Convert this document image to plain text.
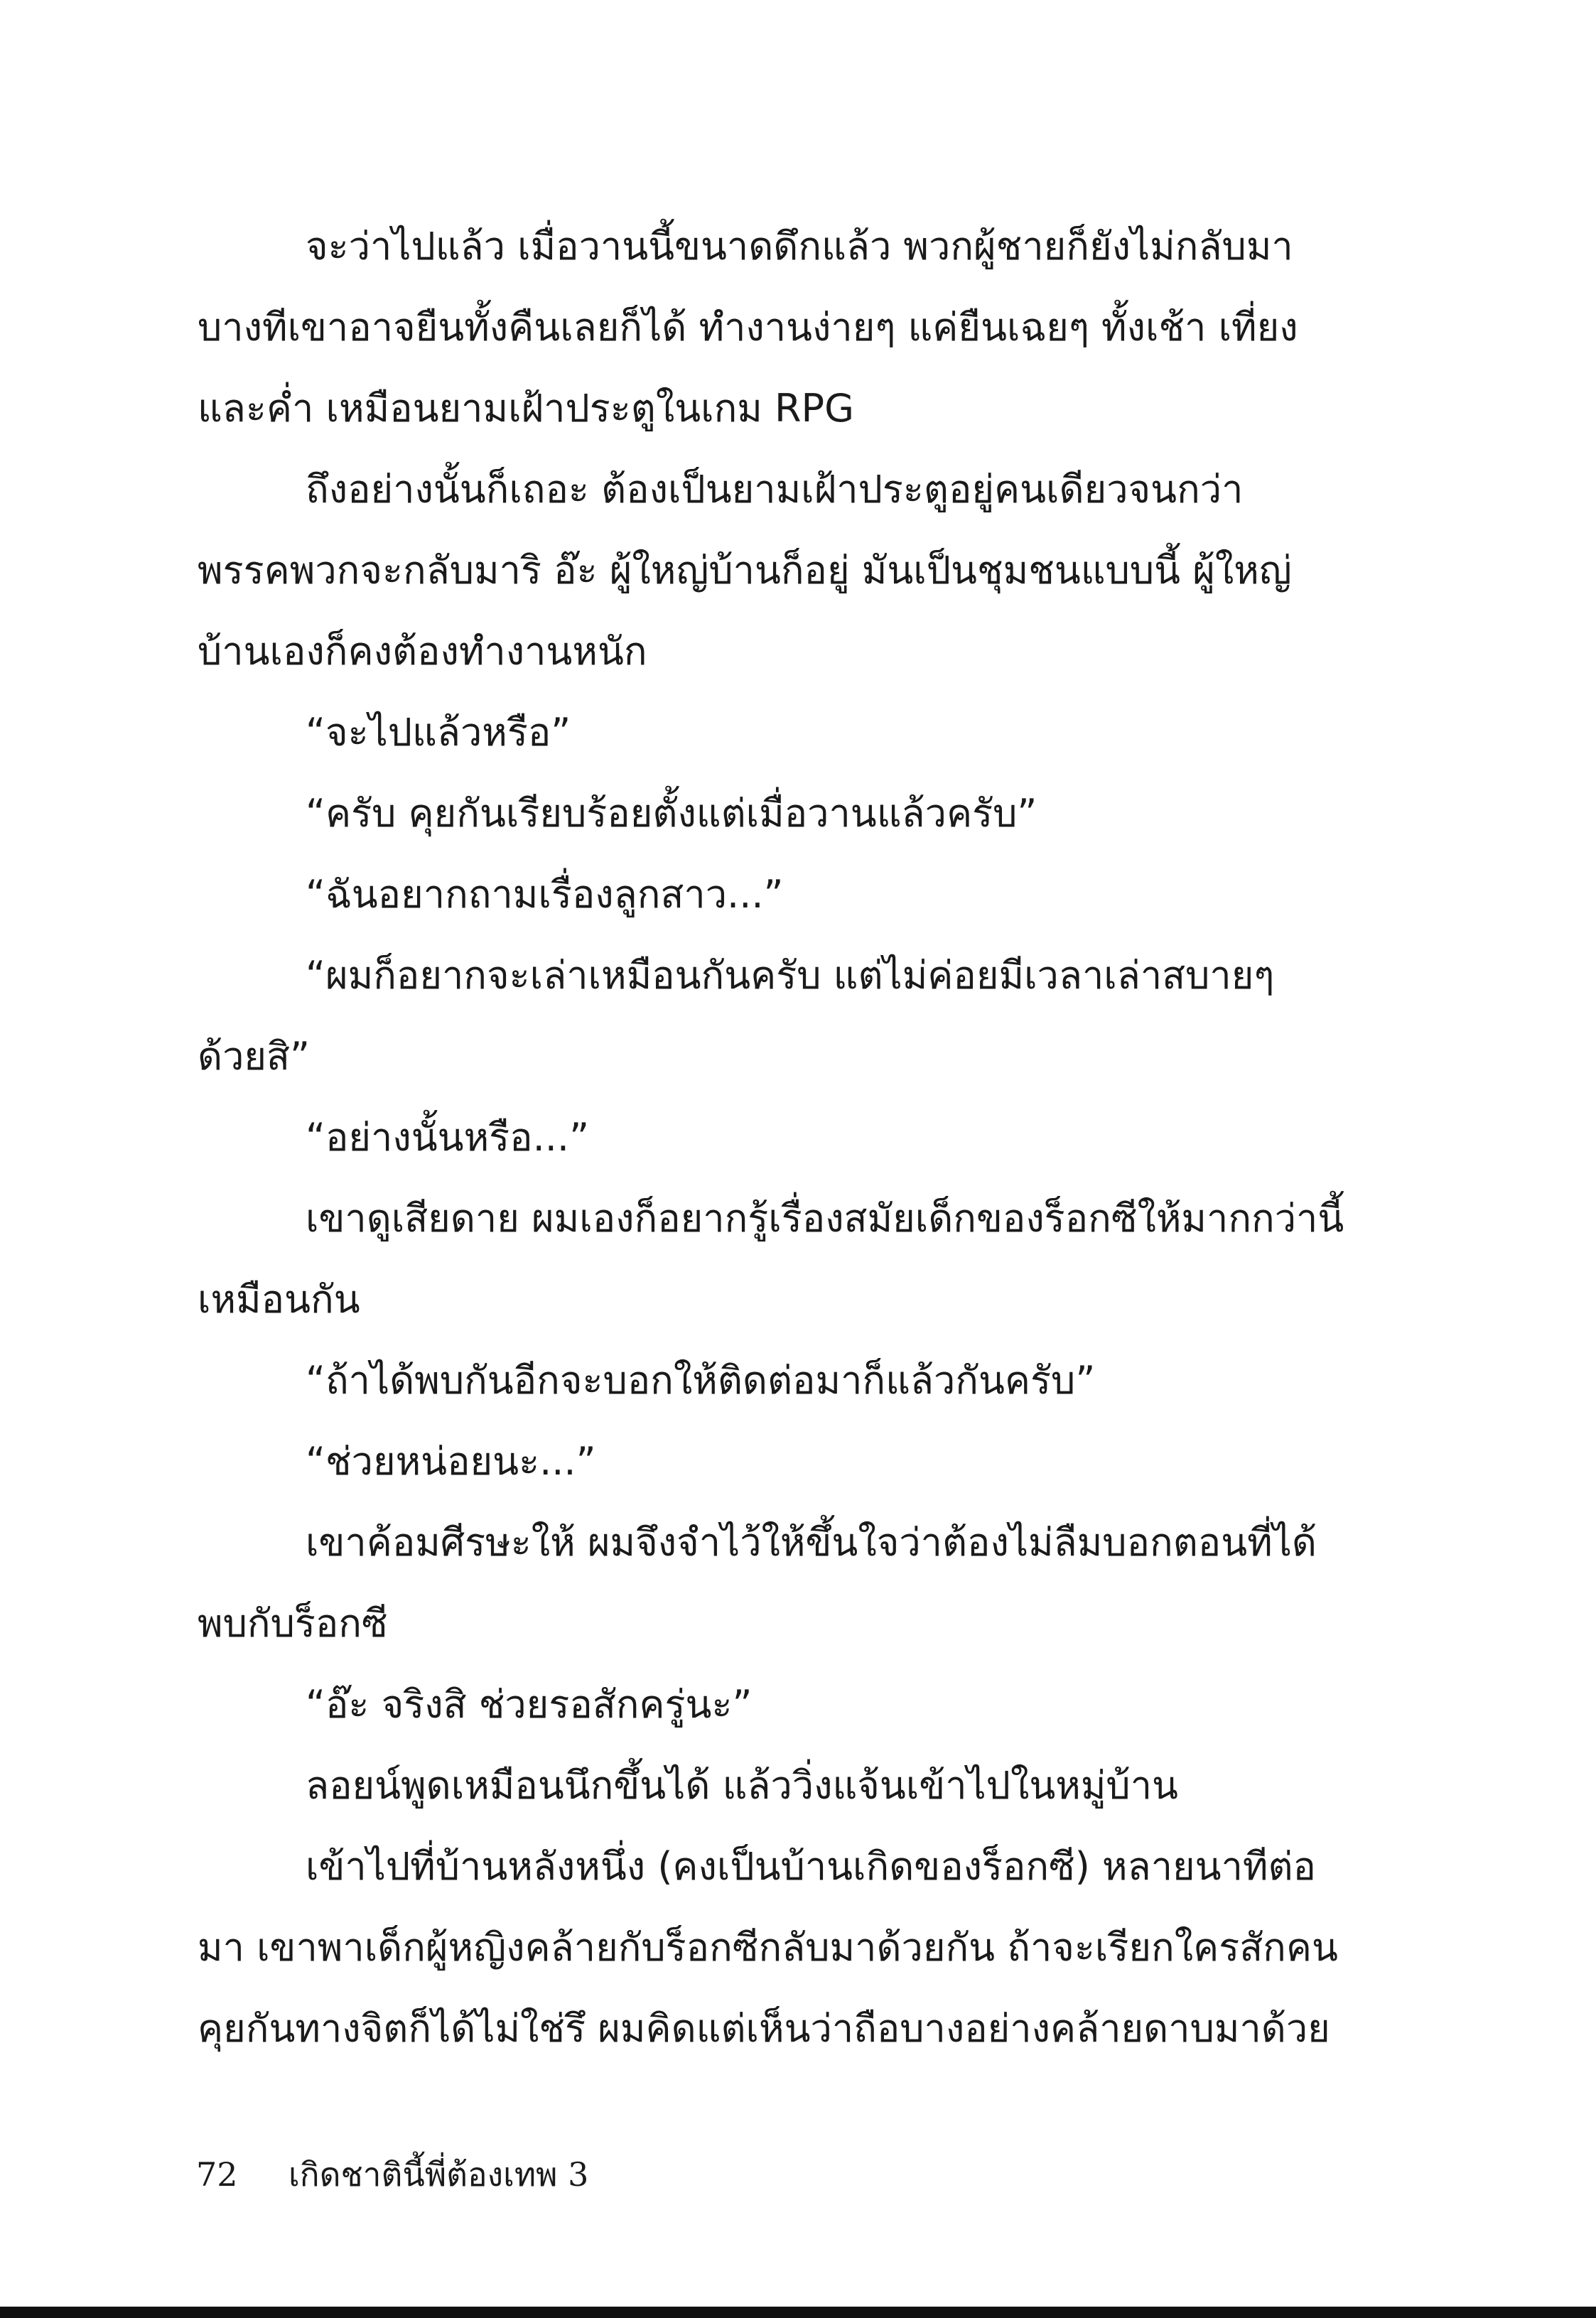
จะว่าไปแล้ว เมื่อวานนี้ขนาดดึกแล้ว พวกผู้ชายก็ยังไม่กลับมา
บางทีเขาอาจยืนทั้งคืนเลยก็ได้ ทำงานง่ายๆ แค่ยืนเฉยๆ ทั้งเช้า เที่ยง
และค่ำ เหมือนยามเฝ้าประตูในเกม RPG
ถึงอย่างนั้นก็เถอะ ต้องเป็นยามเฝ้าประตูอยู่คนเดียวจนกว่า
พรรคพวกจะกลับมาริ อ๊ะ ผู้ใหญ่บ้านก็อยู่ มันเป็นชุมชนแบบนี้ ผู้ใหญ่
บ้านเองก็คงต้องทำงานหนัก
“จะไปแล้วหรือ”
“ครับ คุยกันเรียบร้อยตั้งแต่เมื่อวานแล้วครับ”
“ฉันอยากถามเรื่องลูกสาว...”
“ผมก็อยากจะเล่าเหมือนกันครับ แต่ไม่ค่อยมีเวลาเล่าสบายๆ
ด้วยสิ”
“อย่างนั้นหรือ...”
เขาดูเสียดาย ผมเองก็อยากรู้เรื่องสมัยเด็กของร็อกซีให้มากกว่านี้
เหมือนกัน
“ถ้าได้พบกันอีกจะบอกให้ติดต่อมาก็แล้วกันครับ”
“ช่วยหน่อยนะ...”
เขาค้อมศีรษะให้ ผมจึงจำไว้ให้ขึ้นใจว่าต้องไม่ลืมบอกตอนที่ได้
พบกับร็อกซี
“อ๊ะ จริงสิ ช่วยรอสักครู่นะ”
ลอยน์พูดเหมือนนึกขึ้นได้ แล้ววิ่งแจ้นเข้าไปในหมู่บ้าน
เข้าไปที่บ้านหลังหนึ่ง (คงเป็นบ้านเกิดของร็อกซี) หลายนาทีต่อ
มา เขาพาเด็กผู้หญิงคล้ายกับร็อกซีกลับมาด้วยกัน ถ้าจะเรียกใครสักคน
คุยกันทางจิตก็ได้ไม่ใช่รึ ผมคิดแต่เห็นว่าถือบางอย่างคล้ายดาบมาด้วย
72 เกิดชาตินี้พี่ต้องเทพ 3
